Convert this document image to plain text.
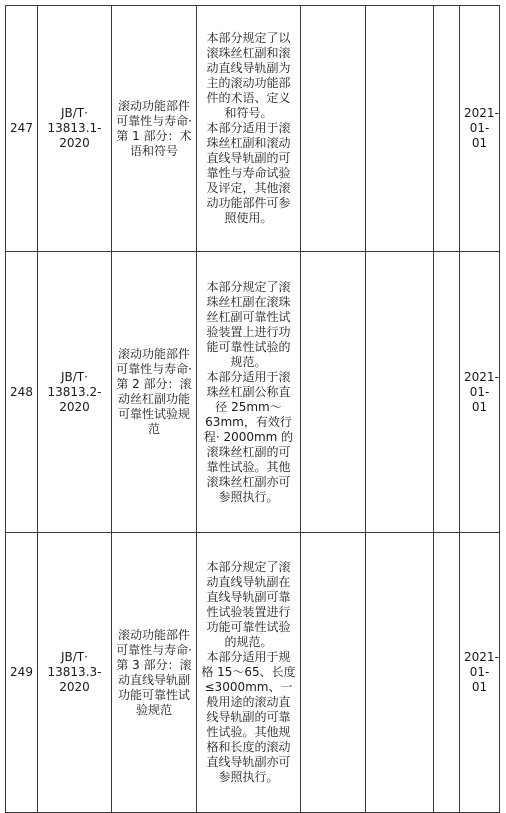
247	JB/T· 13813.1-2020	滚动功能部件可靠性与寿命· 第 1 部分：术语和符号	本部分规定了以滚珠丝杠副和滚动直线导轨副为主的滚动功能部件的术语、定义和符号。
本部分适用于滚珠丝杠副和滚动直线导轨副的可靠性与寿命试验及评定，其他滚动功能部件可参照使用。				2021-01-01
248	JB/T· 13813.2-2020	滚动功能部件可靠性与寿命· 第 2 部分：滚动丝杠副功能可靠性试验规范	本部分规定了滚珠丝杠副在滚珠丝杠副可靠性试验装置上进行功能可靠性试验的规范。
本部分适用于滚珠丝杠副公称直径 25mm～63mm，有效行程· 2000mm 的滚珠丝杠副的可靠性试验。其他滚珠丝杠副亦可参照执行。				2021-01-01
249	JB/T· 13813.3-2020	滚动功能部件可靠性与寿命· 第 3 部分：滚动直线导轨副功能可靠性试验规范	本部分规定了滚动直线导轨副在直线导轨副可靠性试验装置进行功能可靠性试验的规范。
本部分适用于规格 15～65、长度≤3000mm、一般用途的滚动直线导轨副的可靠性试验。其他规格和长度的滚动直线导轨副亦可参照执行。				2021-01-01
